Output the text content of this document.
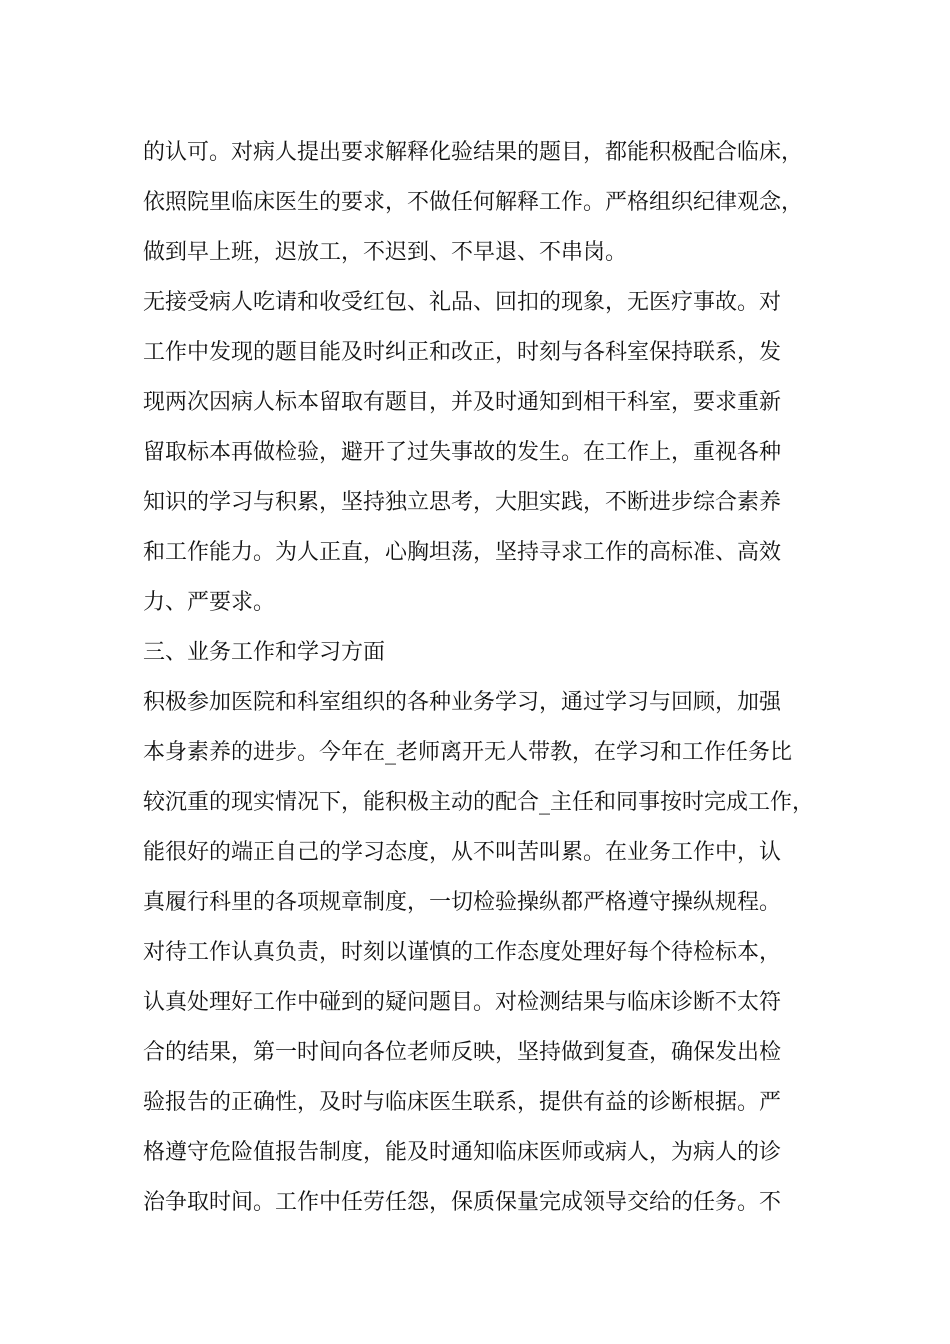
的认可。对病人提出要求解释化验结果的题目，都能积极配合临床，
依照院里临床医生的要求，不做任何解释工作。严格组织纪律观念，
做到早上班，迟放工，不迟到、不早退、不串岗。
无接受病人吃请和收受红包、礼品、回扣的现象，无医疗事故。对
工作中发现的题目能及时纠正和改正，时刻与各科室保持联系，发
现两次因病人标本留取有题目，并及时通知到相干科室，要求重新
留取标本再做检验，避开了过失事故的发生。在工作上，重视各种
知识的学习与积累，坚持独立思考，大胆实践，不断进步综合素养
和工作能力。为人正直，心胸坦荡，坚持寻求工作的高标准、高效
力、严要求。
三、业务工作和学习方面
积极参加医院和科室组织的各种业务学习，通过学习与回顾，加强
本身素养的进步。今年在_老师离开无人带教，在学习和工作任务比
较沉重的现实情况下，能积极主动的配合_主任和同事按时完成工作，
能很好的端正自己的学习态度，从不叫苦叫累。在业务工作中，认
真履行科里的各项规章制度，一切检验操纵都严格遵守操纵规程。
对待工作认真负责，时刻以谨慎的工作态度处理好每个待检标本，
认真处理好工作中碰到的疑问题目。对检测结果与临床诊断不太符
合的结果，第一时间向各位老师反映，坚持做到复查，确保发出检
验报告的正确性，及时与临床医生联系，提供有益的诊断根据。严
格遵守危险值报告制度，能及时通知临床医师或病人，为病人的诊
治争取时间。工作中任劳任怨，保质保量完成领导交给的任务。不
